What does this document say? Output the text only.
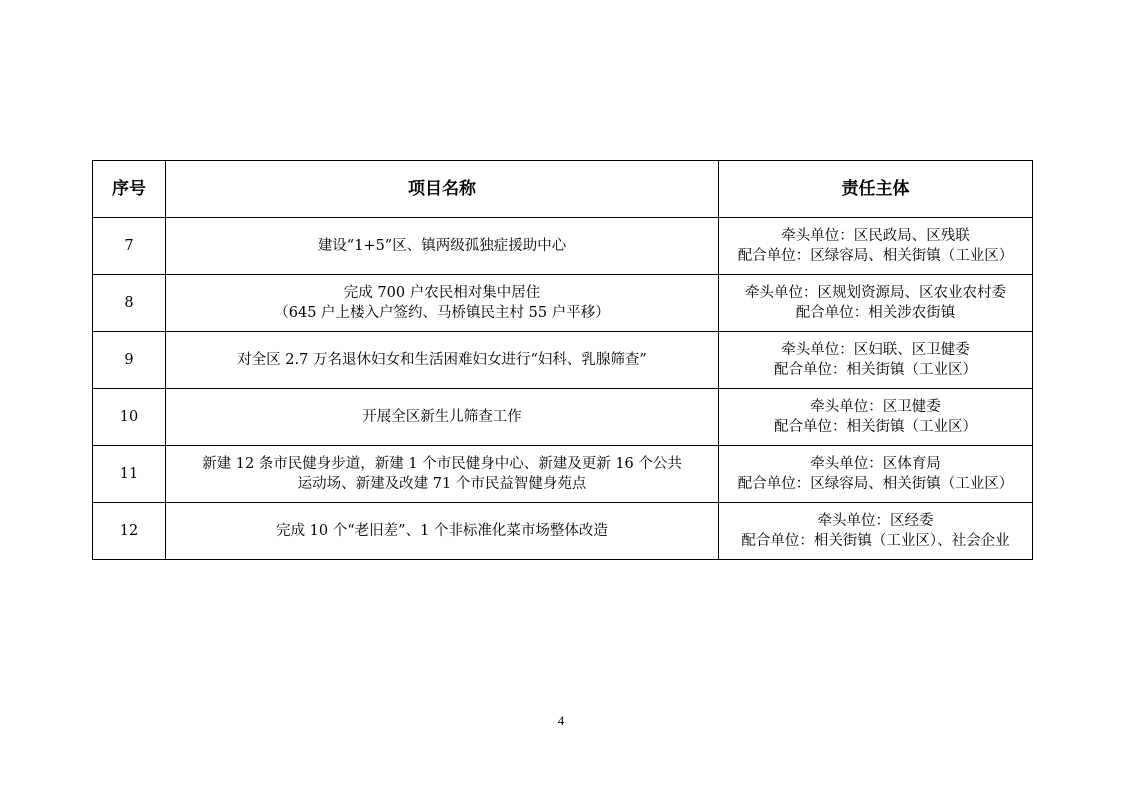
序号	项目名称	责任主体
7	建设“1+5”区、镇两级孤独症援助中心	牵头单位：区民政局、区残联
配合单位：区绿容局、相关街镇（工业区）

8	完成 700 户农民相对集中居住
（645 户上楼入户签约、马桥镇民主村 55 户平移）	牵头单位：区规划资源局、区农业农村委
配合单位：相关涉农街镇

9	对全区 2.7 万名退休妇女和生活困难妇女进行“妇科、乳腺筛查”	牵头单位：区妇联、区卫健委
配合单位：相关街镇（工业区）

10	开展全区新生儿筛查工作	牵头单位：区卫健委
配合单位：相关街镇（工业区）

11	新建 12 条市民健身步道，新建 1 个市民健身中心、新建及更新 16 个公共
运动场、新建及改建 71 个市民益智健身苑点	牵头单位：区体育局
配合单位：区绿容局、相关街镇（工业区）

12	完成 10 个“老旧差”、1 个非标准化菜市场整体改造	牵头单位：区经委
配合单位：相关街镇（工业区）、社会企业
4
